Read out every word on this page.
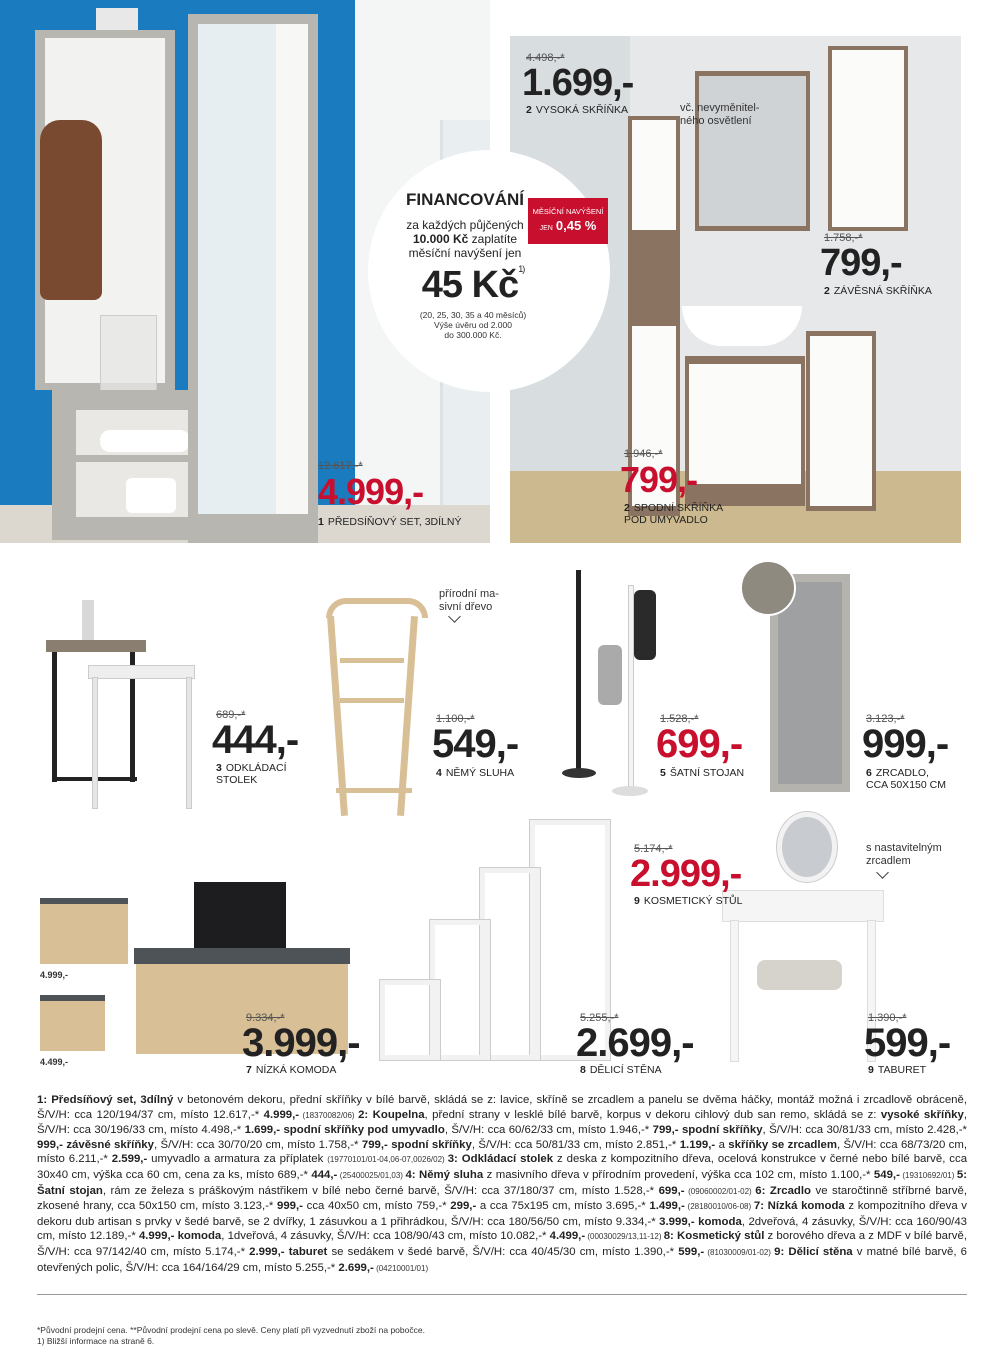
FINANCOVÁNÍ
za každých půjčených
10.000 Kč zaplatíte
měsíční navýšení jen
45 $Kč^{1)}$
(20, 25, 30, 35 a 40 měsíců)
Výše úvěru od 2.000
do 300.000 Kč.
MĚSÍČNÍ NAVÝŠENÍ
JEN 0,45 %
12.617,-*
4.999,-
1 PŘEDSÍŇOVÝ SET, 3DÍLNÝ
4.498,-*
1.699,-
2 VYSOKÁ SKŘÍŇKA	vč. nevyměnitel-
ného osvětlení
1.758,-*
799,-
2 ZÁVĚSNÁ SKŘÍŇKA
1.946,-*
799,-
2 SPODNÍ SKŘÍŇKA
POD UMYVADLO
689,-*
444,-
3 ODKLÁDACÍ
STOLEK
přírodní ma-
sivní dřevo
1.100,-*
549,-
4 NĚMÝ SLUHA
1.528,-*
699,-
5 ŠATNÍ STOJAN
3.123,-*
999,-
6 ZRCADLO,
CCA 50X150 CM
4.999,-
4.499,-
9.334,-*
3.999,-
7 NÍZKÁ KOMODA
5.255,-*
2.699,-
8 DĚLICÍ STĚNA
5.174,-*
2.999,-
9 KOSMETICKÝ STŮL
s nastavitelným
zrcadlem
1.390,-*
599,-
9 TABURET
1: Předsíňový set, 3dílný v betonovém dekoru, přední skříňky v bílé barvě, skládá se z: lavice, skříně se zrcadlem a panelu se dvěma háčky, montáž možná i zrcadlově obráceně, Š/V/H: cca 120/194/37 cm, místo 12.617,-* 4.999,- (18370082/06) 2: Koupelna, přední strany v lesklé bílé barvě, korpus v dekoru cihlový dub san remo, skládá se z: vysoké skříňky, Š/V/H: cca 30/196/33 cm, místo 4.498,-* 1.699,- spodní skříňky pod umyvadlo, Š/V/H: cca 60/62/33 cm, místo 1.946,-* 799,- spodní skříňky, Š/V/H: cca 30/81/33 cm, místo 2.428,-* 999,- závěsné skříňky, Š/V/H: cca 30/70/20 cm, místo 1.758,-* 799,- spodní skříňky, Š/V/H: cca 50/81/33 cm, místo 2.851,-* 1.199,- a skříňky se zrcadlem, Š/V/H: cca 68/73/20 cm, místo 6.211,-* 2.599,- umyvadlo a armatura za příplatek (19770101/01-04,06-07,0026/02) 3: Odkládací stolek z deska z kompozitního dřeva, ocelová konstrukce v černé nebo bílé barvě, cca 30x40 cm, výška cca 60 cm, cena za ks, místo 689,-* 444,- (25400025/01,03) 4: Němý sluha z masivního dřeva v přírodním provedení, výška cca 102 cm, místo 1.100,-* 549,- (19310692/01) 5: Šatní stojan, rám ze železa s práškovým nástřikem v bílé nebo černé barvě, Š/V/H: cca 37/180/37 cm, místo 1.528,-* 699,- (09060002/01-02) 6: Zrcadlo ve staročtinně stříbrné barvě, zkosené hrany, cca 50x150 cm, místo 3.123,-* 999,- cca 40x50 cm, místo 759,-* 299,- a cca 75x195 cm, místo 3.695,-* 1.499,- (28180010/06-08) 7: Nízká komoda z kompozitního dřeva v dekoru dub artisan s prvky v šedé barvě, se 2 dvířky, 1 zásuvkou a 1 přihrádkou, Š/V/H: cca 180/56/50 cm, místo 9.334,-* 3.999,- komoda, 2dveřová, 4 zásuvky, Š/V/H: cca 160/90/43 cm, místo 12.189,-* 4.999,- komoda, 1dveřová, 4 zásuvky, Š/V/H: cca 108/90/43 cm, místo 10.082,-* 4.499,- (00030029/13,11-12) 8: Kosmetický stůl z borového dřeva a z MDF v bílé barvě, Š/V/H: cca 97/142/40 cm, místo 5.174,-* 2.999,- taburet se sedákem v šedé barvě, Š/V/H: cca 40/45/30 cm, místo 1.390,-* 599,- (81030009/01-02) 9: Dělicí stěna v matné bílé barvě, 6 otevřených polic, Š/V/H: cca 164/164/29 cm, místo 5.255,-* 2.699,- (04210001/01)
*Původní prodejní cena. **Původní prodejní cena po slevě. Ceny platí při vyzvednutí zboží na pobočce.
1) Bližší informace na straně 6.
